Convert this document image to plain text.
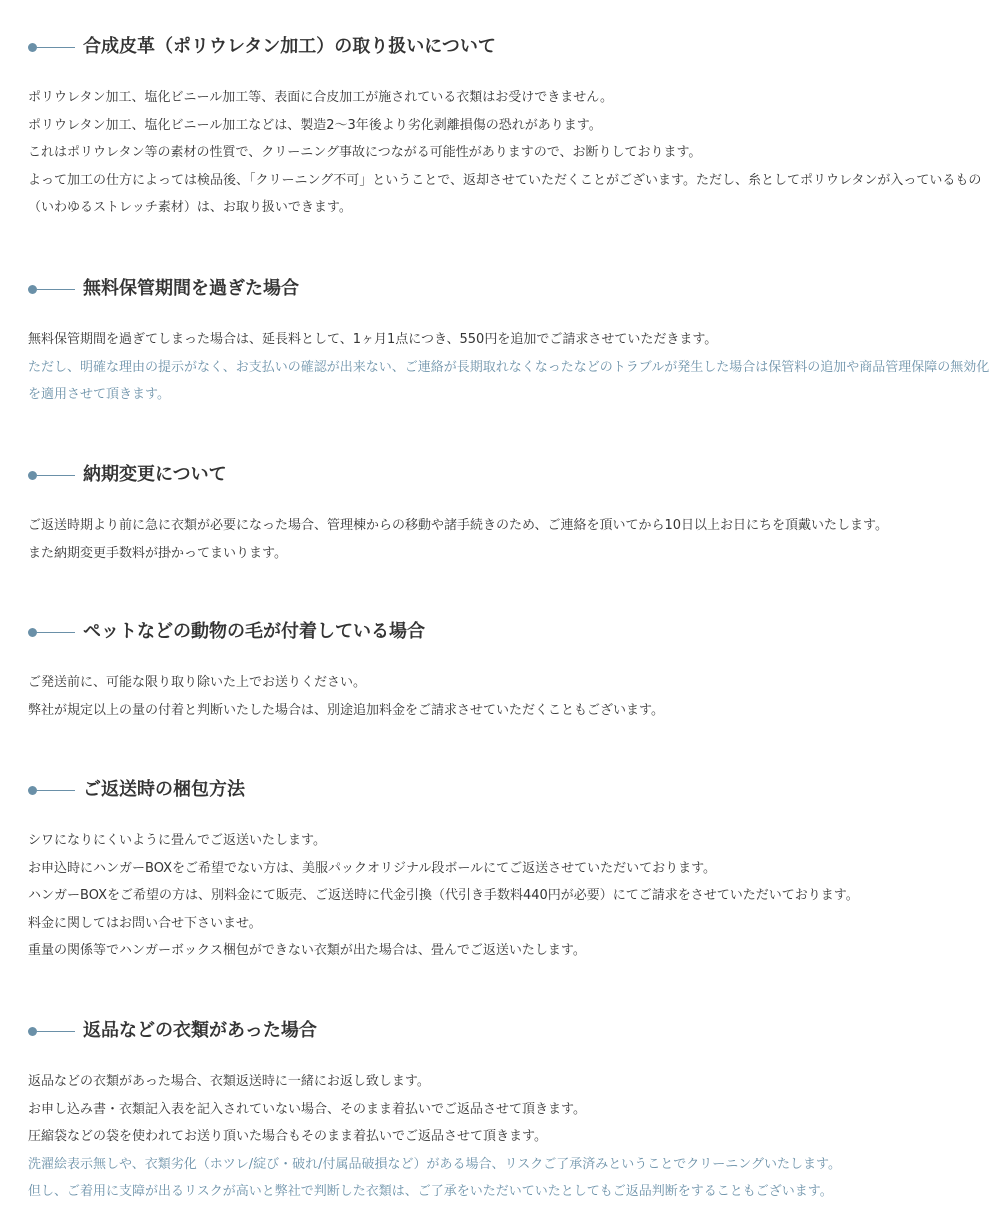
合成皮革（ポリウレタン加工）の取り扱いについて
ポリウレタン加工、塩化ビニール加工等、表面に合皮加工が施されている衣類はお受けできません。
ポリウレタン加工、塩化ビニール加工などは、製造2〜3年後より劣化剥離損傷の恐れがあります。
これはポリウレタン等の素材の性質で、クリーニング事故につながる可能性がありますので、お断りしております。
よって加工の仕方によっては検品後、「クリーニング不可」ということで、返却させていただくことがございます。ただし、糸としてポリウレタンが入っているもの（いわゆるストレッチ素材）は、お取り扱いできます。
無料保管期間を過ぎた場合
無料保管期間を過ぎてしまった場合は、延長料として、1ヶ月1点につき、550円を追加でご請求させていただきます。
ただし、明確な理由の提示がなく、お支払いの確認が出来ない、ご連絡が長期取れなくなったなどのトラブルが発生した場合は保管料の追加や商品管理保障の無効化を適用させて頂きます。
納期変更について
ご返送時期より前に急に衣類が必要になった場合、管理棟からの移動や諸手続きのため、ご連絡を頂いてから10日以上お日にちを頂戴いたします。
また納期変更手数料が掛かってまいります。
ペットなどの動物の毛が付着している場合
ご発送前に、可能な限り取り除いた上でお送りください。
弊社が規定以上の量の付着と判断いたした場合は、別途追加料金をご請求させていただくこともございます。
ご返送時の梱包方法
シワになりにくいように畳んでご返送いたします。
お申込時にハンガーBOXをご希望でない方は、美服パックオリジナル段ボールにてご返送させていただいております。
ハンガーBOXをご希望の方は、別料金にて販売、ご返送時に代金引換（代引き手数料440円が必要）にてご請求をさせていただいております。
料金に関してはお問い合せ下さいませ。
重量の関係等でハンガーボックス梱包ができない衣類が出た場合は、畳んでご返送いたします。
返品などの衣類があった場合
返品などの衣類があった場合、衣類返送時に一緒にお返し致します。
お申し込み書・衣類記入表を記入されていない場合、そのまま着払いでご返品させて頂きます。
圧縮袋などの袋を使われてお送り頂いた場合もそのまま着払いでご返品させて頂きます。
洗濯絵表示無しや、衣類劣化（ホツレ/綻び・破れ/付属品破損など）がある場合、リスクご了承済みということでクリーニングいたします。
但し、ご着用に支障が出るリスクが高いと弊社で判断した衣類は、ご了承をいただいていたとしてもご返品判断をすることもございます。
